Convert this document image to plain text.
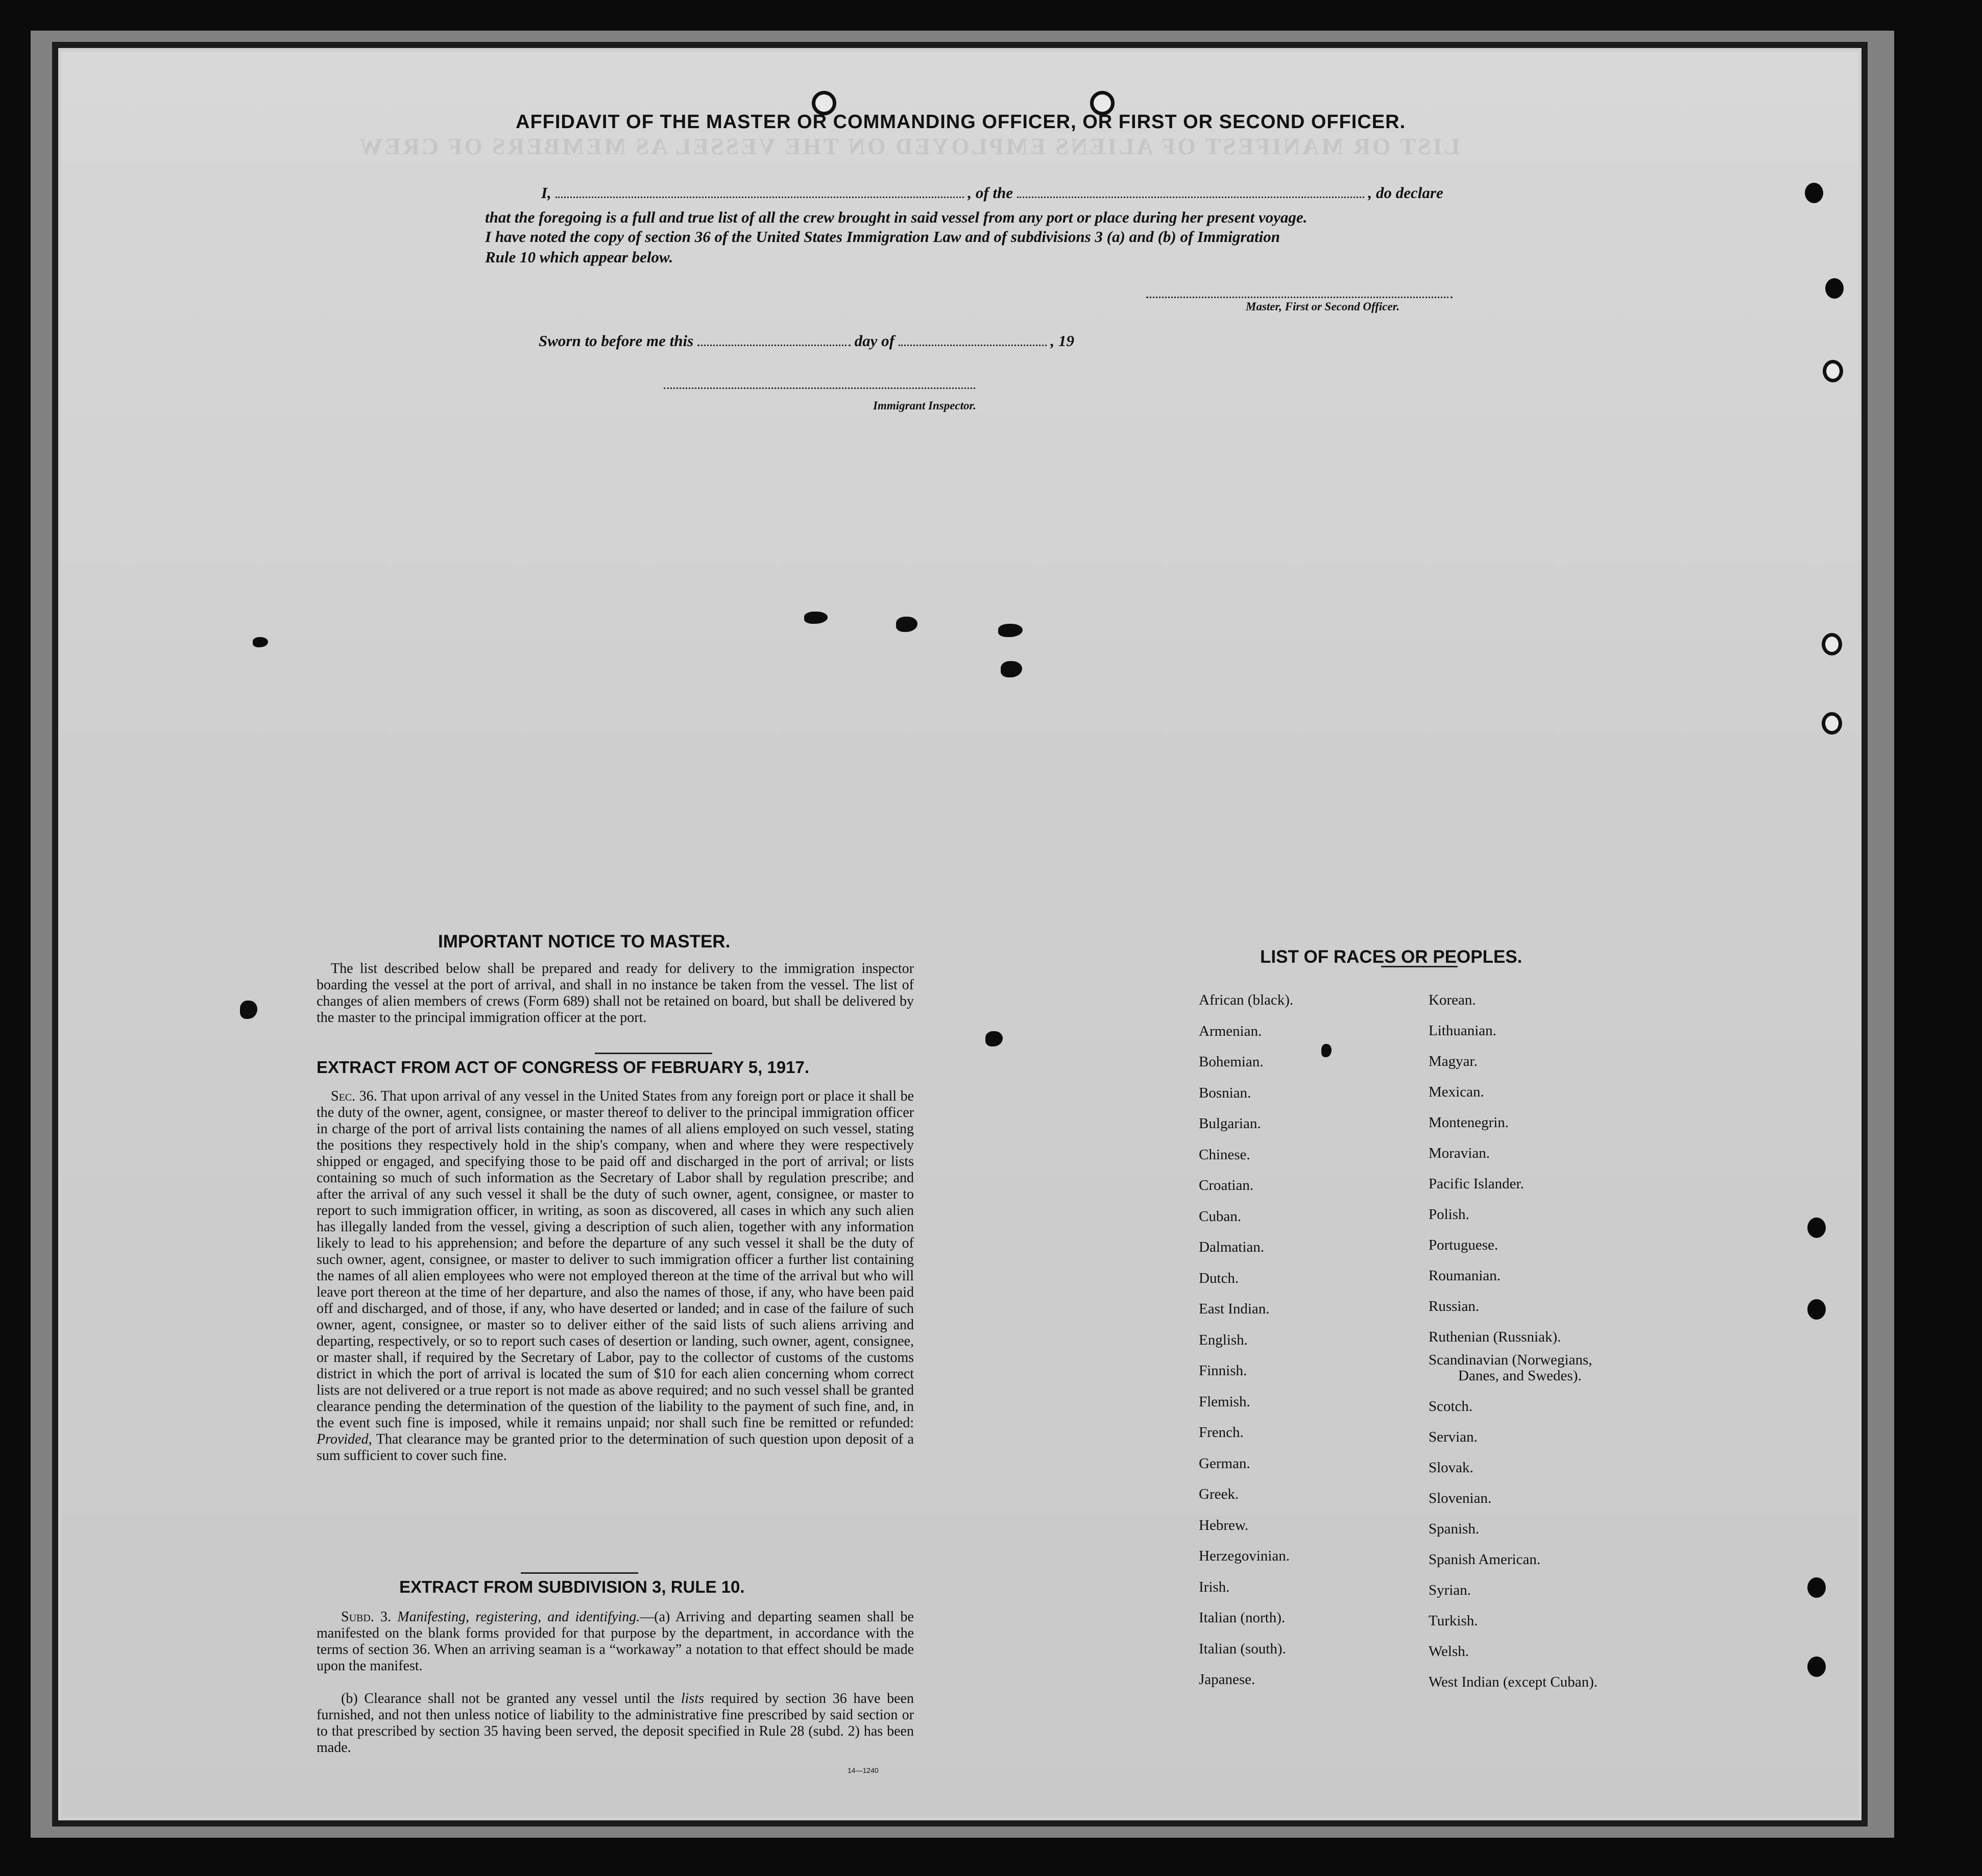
LIST OR MANIFEST OF ALIENS EMPLOYED ON THE VESSEL AS MEMBERS OF CREW
AFFIDAVIT OF THE MASTER OR COMMANDING OFFICER, OR FIRST OR SECOND OFFICER.
I,	, of the	, do declare
that the foregoing is a full and true list of all the crew brought in said vessel from any port or place during her present voyage.
I have noted the copy of section 36 of the United States Immigration Law and of subdivisions 3 (a) and (b) of Immigration
Rule 10 which appear below.
Master, First or Second Officer.
Sworn to before me this	day of	, 19
Immigrant Inspector.
IMPORTANT NOTICE TO MASTER.
The list described below shall be prepared and ready for delivery to the immigration inspector boarding the vessel at the port of arrival, and shall in no instance be taken from the vessel. The list of changes of alien members of crews (Form 689) shall not be retained on board, but shall be delivered by the master to the principal immigration officer at the port.
EXTRACT FROM ACT OF CONGRESS OF FEBRUARY 5, 1917.
Sec. 36. That upon arrival of any vessel in the United States from any foreign port or place it shall be the duty of the owner, agent, consignee, or master thereof to deliver to the principal immigration officer in charge of the port of arrival lists containing the names of all aliens employed on such vessel, stating the positions they respectively hold in the ship's company, when and where they were respectively shipped or engaged, and specifying those to be paid off and discharged in the port of arrival; or lists containing so much of such information as the Secretary of Labor shall by regulation prescribe; and after the arrival of any such vessel it shall be the duty of such owner, agent, consignee, or master to report to such immigration officer, in writing, as soon as discovered, all cases in which any such alien has illegally landed from the vessel, giving a description of such alien, together with any information likely to lead to his apprehension; and before the departure of any such vessel it shall be the duty of such owner, agent, consignee, or master to deliver to such immigration officer a further list containing the names of all alien employees who were not employed thereon at the time of the arrival but who will leave port thereon at the time of her departure, and also the names of those, if any, who have been paid off and discharged, and of those, if any, who have deserted or landed; and in case of the failure of such owner, agent, consignee, or master so to deliver either of the said lists of such aliens arriving and departing, respectively, or so to report such cases of desertion or landing, such owner, agent, consignee, or master shall, if required by the Secretary of Labor, pay to the collector of customs of the customs district in which the port of arrival is located the sum of $10 for each alien concerning whom correct lists are not delivered or a true report is not made as above required; and no such vessel shall be granted clearance pending the determination of the question of the liability to the payment of such fine, and, in the event such fine is imposed, while it remains unpaid; nor shall such fine be remitted or refunded: Provided, That clearance may be granted prior to the determination of such question upon deposit of a sum sufficient to cover such fine.
EXTRACT FROM SUBDIVISION 3, RULE 10.
Subd. 3. Manifesting, registering, and identifying.—(a) Arriving and departing seamen shall be manifested on the blank forms provided for that purpose by the department, in accordance with the terms of section 36. When an arriving seaman is a “workaway” a notation to that effect should be made upon the manifest.
(b) Clearance shall not be granted any vessel until the lists required by section 36 have been furnished, and not then unless notice of liability to the administrative fine prescribed by said section or to that prescribed by section 35 having been served, the deposit specified in Rule 28 (subd. 2) has been made.
14—1240
LIST OF RACES OR PEOPLES.
African (black).
Armenian.
Bohemian.
Bosnian.
Bulgarian.
Chinese.
Croatian.
Cuban.
Dalmatian.
Dutch.
East Indian.
English.
Finnish.
Flemish.
French.
German.
Greek.
Hebrew.
Herzegovinian.
Irish.
Italian (north).
Italian (south).
Japanese.
Korean.
Lithuanian.
Magyar.
Mexican.
Montenegrin.
Moravian.
Pacific Islander.
Polish.
Portuguese.
Roumanian.
Russian.
Ruthenian (Russniak).
Scandinavian (Norwegians,
Danes, and Swedes).
Scotch.
Servian.
Slovak.
Slovenian.
Spanish.
Spanish American.
Syrian.
Turkish.
Welsh.
West Indian (except Cuban).
